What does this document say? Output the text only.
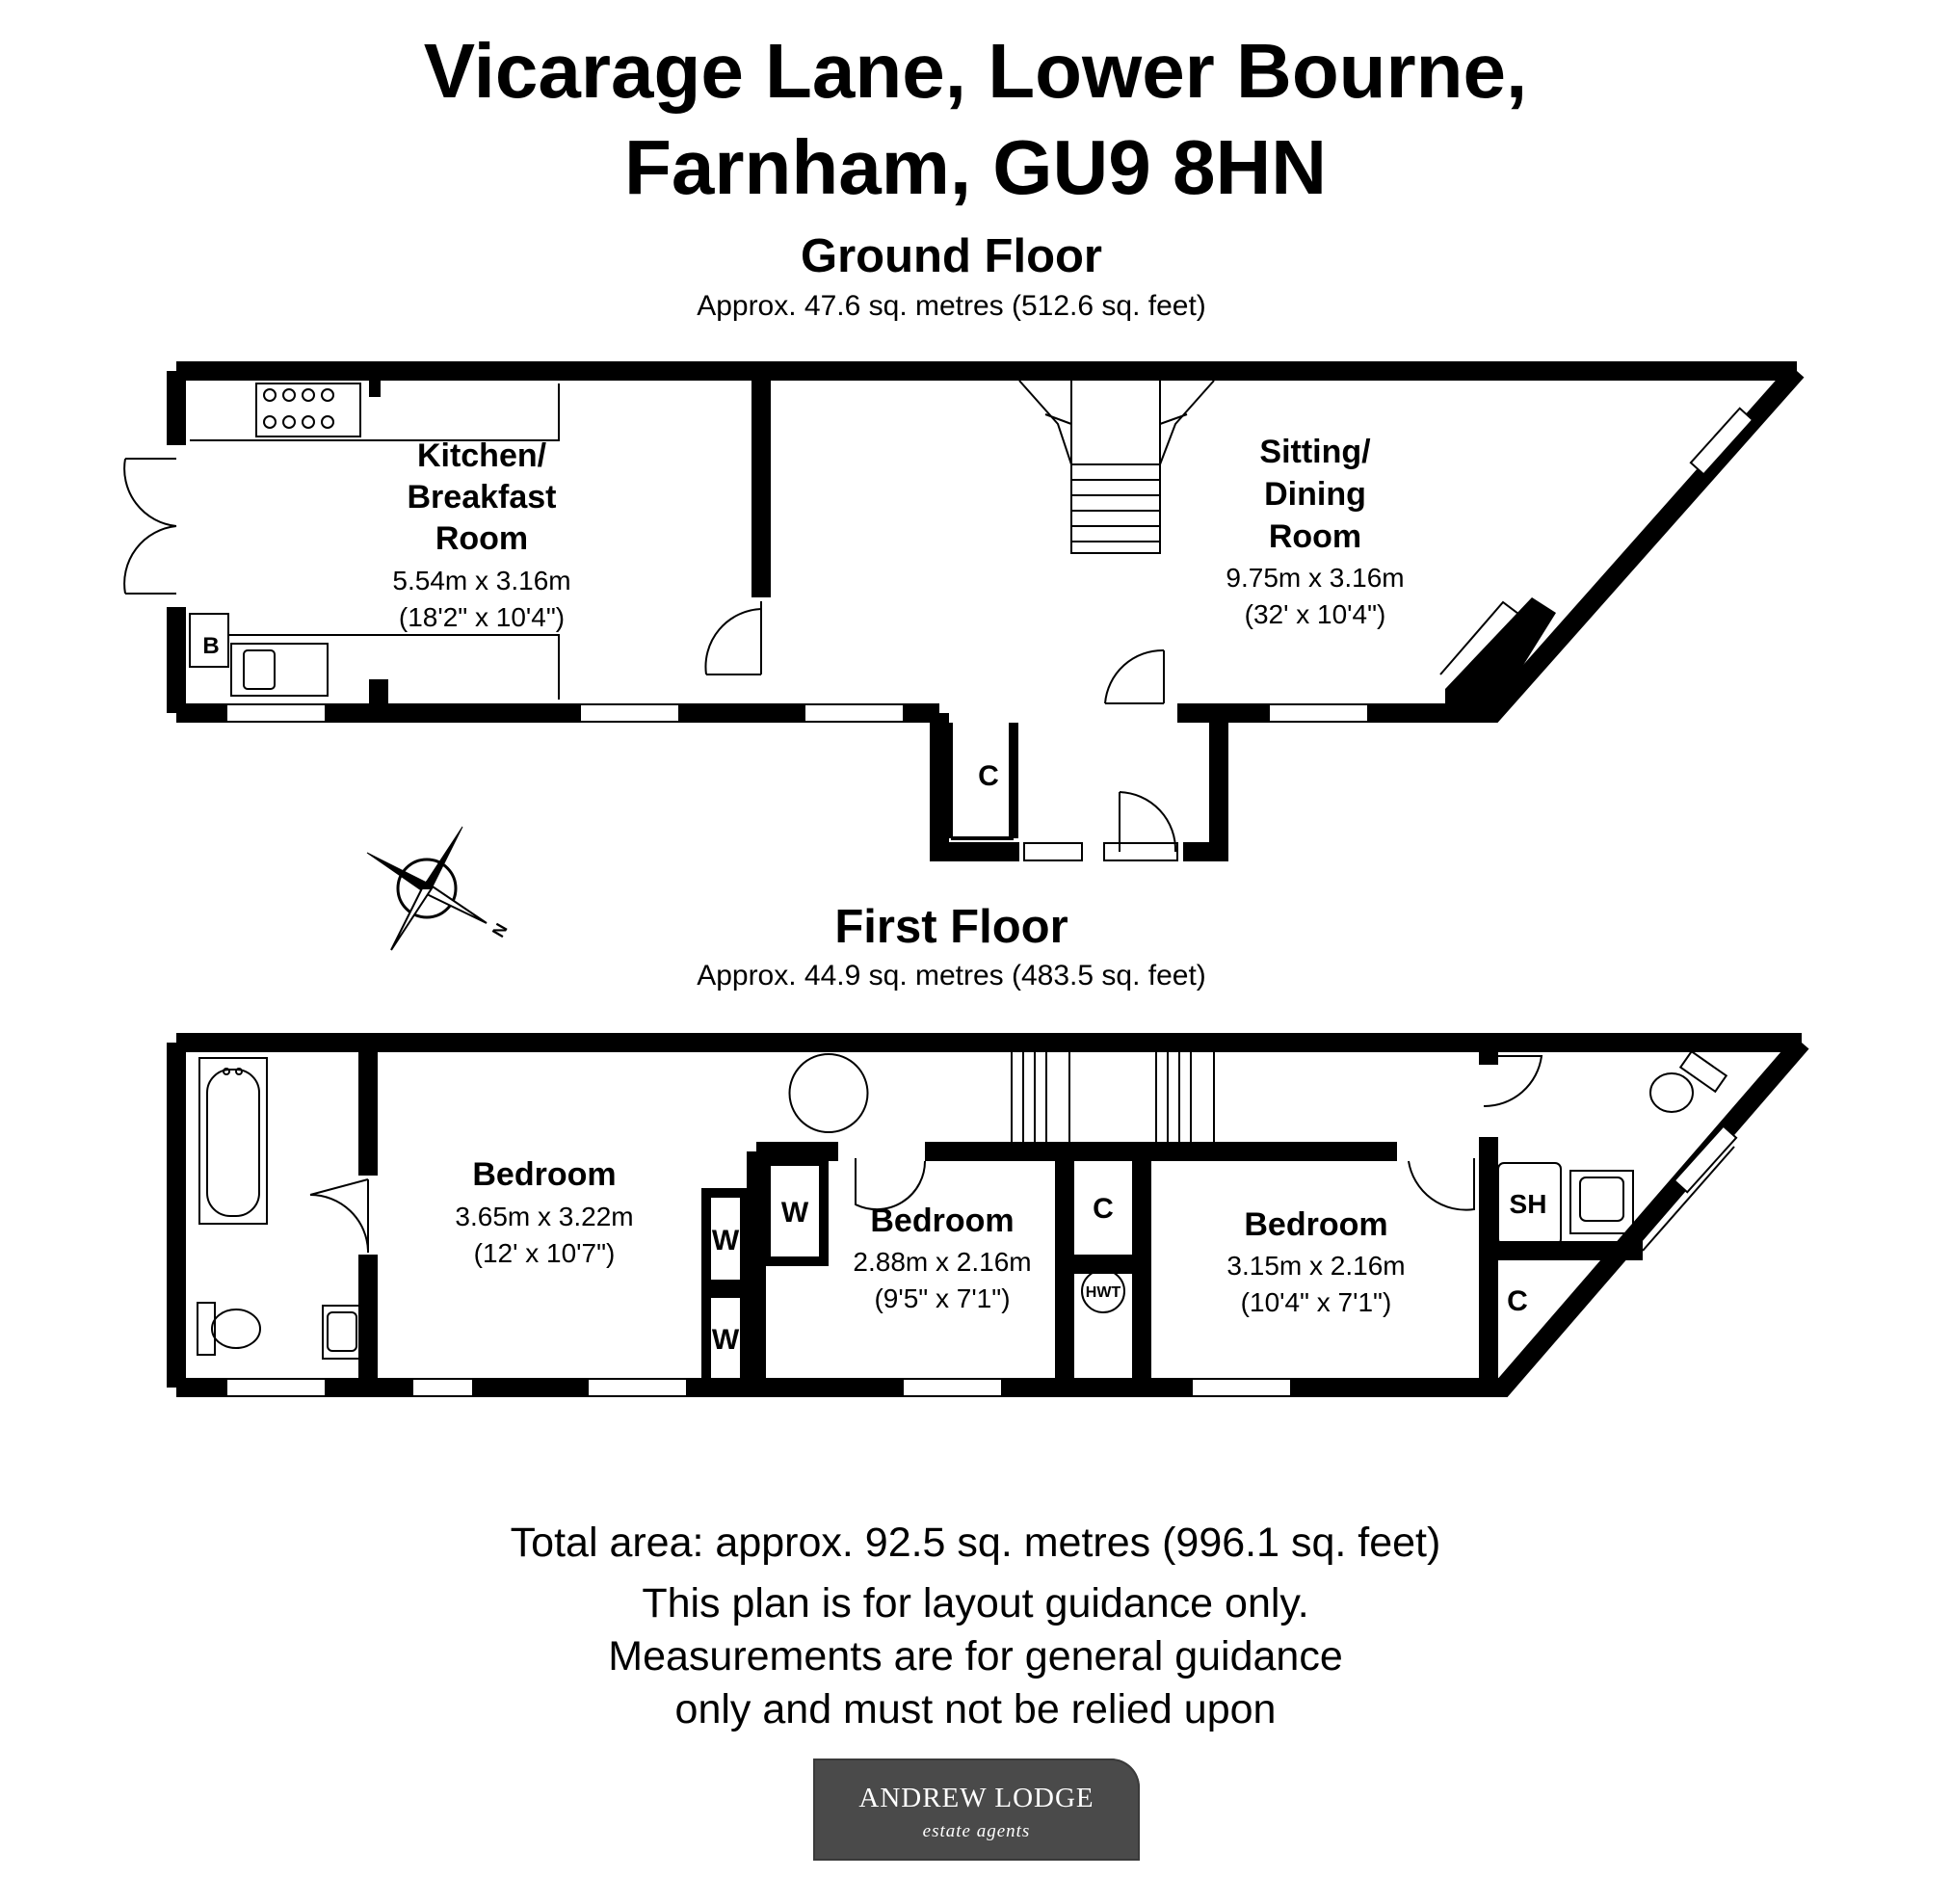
Vicarage Lane, Lower Bourne,
Farnham, GU9 8HN
Ground Floor
Approx. 47.6 sq. metres (512.6 sq. feet)
First Floor
Approx. 44.9 sq. metres (483.5 sq. feet)
Kitchen/
Breakfast
Room
5.54m x 3.16m
(18'2" x 10'4")
Sitting/
Dining
Room
9.75m x 3.16m
(32' x 10'4")
B
C
N
Bedroom
3.65m x 3.22m
(12' x 10'7")
Bedroom
2.88m x 2.16m
(9'5" x 7'1")
Bedroom
3.15m x 2.16m
(10'4" x 7'1")
W
W
W	C
HWT
SH
C
Total area: approx. 92.5 sq. metres (996.1 sq. feet)
This plan is for layout guidance only.
Measurements are for general guidance
only and must not be relied upon
ANDREW LODGE
estate agents
